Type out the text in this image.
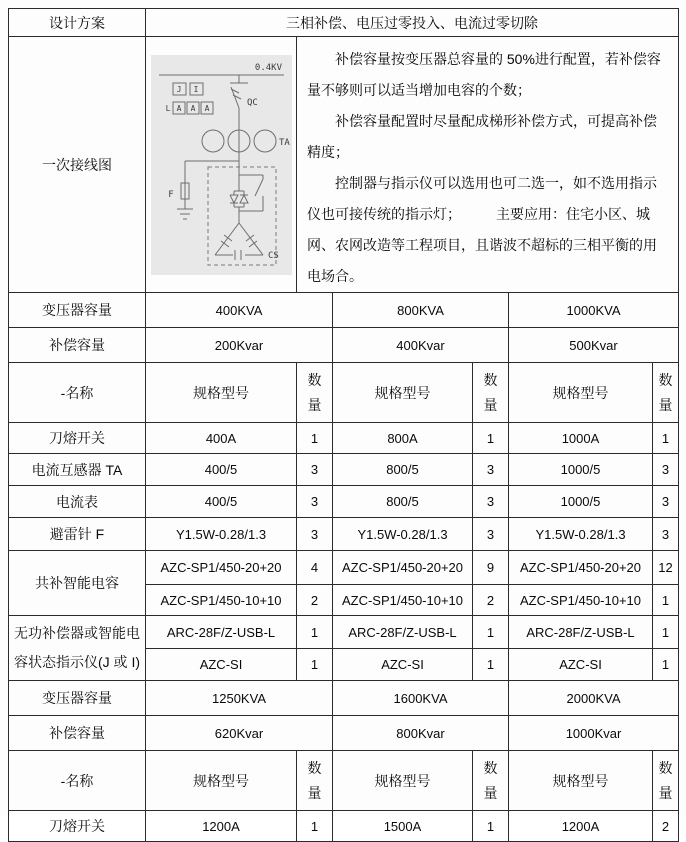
设计方案	三相补偿、电压过零投入、电流过零切除					
一次接线图	
0.4KV
J I
L A A A
QC
TA
F
CS

补偿容量按变压器总容量的 50%进行配置，若补偿容量不够则可以适当增加电容的个数；

补偿容量配置时尽量配成梯形补偿方式，可提高补偿精度；

控制器与指示仪可以选用也可二选一，如不选用指示仪也可接传统的指示灯；　　　主要应用：住宅小区、城网、农网改造等工程项目，且谐波不超标的三相平衡的用电场合。

变压器容量	400KVA		800KVA		1000KVA	
补偿容量	200Kvar		400Kvar		500Kvar	
-名称	规格型号	数量	规格型号	数量	规格型号	数量
刀熔开关	400A	1	800A	1	1000A	1
电流互感器 TA	400/5	3	800/5	3	1000/5	3
电流表	400/5	3	800/5	3	1000/5	3
避雷针 F	Y1.5W-0.28/1.3	3	Y1.5W-0.28/1.3	3	Y1.5W-0.28/1.3	3
共补智能电容	AZC-SP1/450-20+20	4	AZC-SP1/450-20+20	9	AZC-SP1/450-20+20	12
	AZC-SP1/450-10+10	2	AZC-SP1/450-10+10	2	AZC-SP1/450-10+10	1
无功补偿器或智能电容状态指示仪(J 或 I)	ARC-28F/Z-USB-L	1	ARC-28F/Z-USB-L	1	ARC-28F/Z-USB-L	1
	AZC-SI	1	AZC-SI	1	AZC-SI	1
变压器容量	1250KVA		1600KVA		2000KVA	
补偿容量	620Kvar		800Kvar		1000Kvar	
-名称	规格型号	数量	规格型号	数量	规格型号	数量
刀熔开关	1200A	1	1500A	1	1200A	2
